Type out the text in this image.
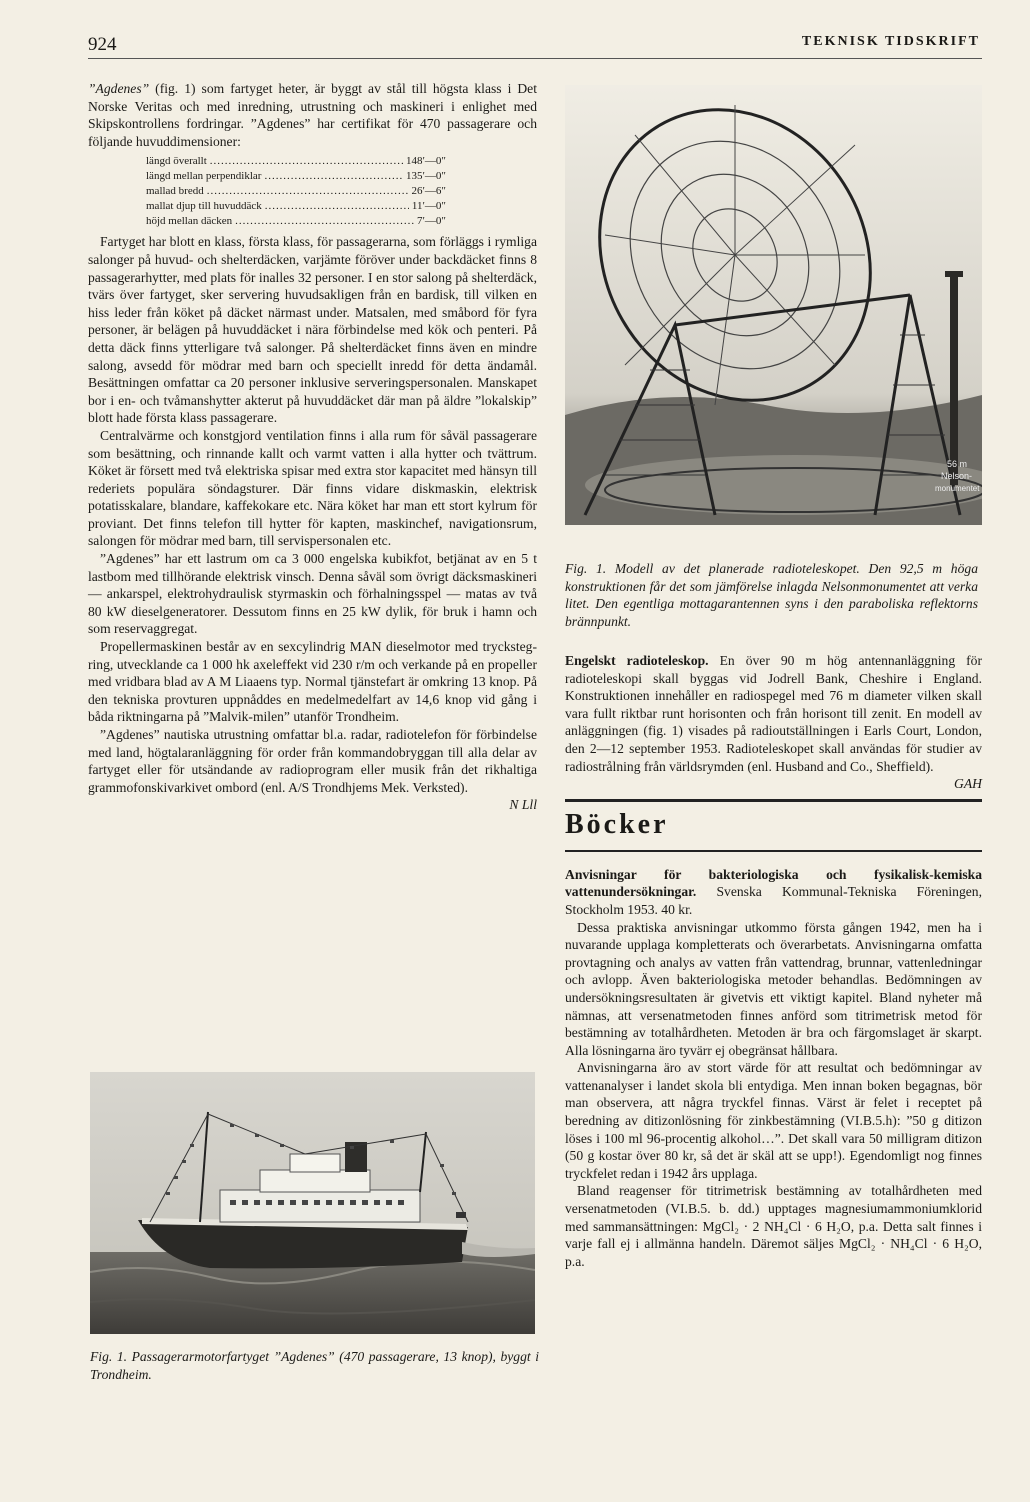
924	TEKNISK TIDSKRIFT

”Agdenes” (fig. 1) som fartyget heter, är byggt av stål till högsta klass i Det Norske Veritas och med inredning, utrustning och maskineri i enlighet med Skipskontrollens fordringar. ”Agdenes” har certifikat för 470 passagerare och följande huvuddimensioner:

längd överallt .....	148′—0″
längd mellan perpendiklar .....	135′—0″
mallad bredd .....	26′—6″
mallat djup till huvuddäck .....	11′—0″
höjd mellan däcken .....	7′—0″

Fartyget har blott en klass, första klass, för passagerarna, som förläggs i rymliga salonger på huvud- och shelterdäcken, varjämte föröver under backdäcket finns 8 passagerarhytter, med plats för inalles 32 personer. I en stor salong på shelterdäck, tvärs över fartyget, sker servering huvudsakligen från en bardisk, till vilken en hiss leder från köket på däcket närmast under. Matsalen, med småbord för fyra personer, är belägen på huvuddäcket i nära förbindelse med kök och penteri. På detta däck finns ytterligare två salonger. På shelterdäcket finns även en mindre salong, avsedd för mödrar med barn och speciellt inredd för detta ändamål. Besättningen omfattar ca 20 personer inklusive serveringspersonalen. Manskapet bor i en- och tvåmanshytter akterut på huvuddäcket där man på äldre ”lokalskip” blott hade första klass passagerare.

Centralvärme och konstgjord ventilation finns i alla rum för såväl passagerare som besättning, och rinnande kallt och varmt vatten i alla hytter och tvättrum. Köket är försett med två elektriska spisar med extra stor kapacitet med hänsyn till rederiets populära söndagsturer. Där finns vidare diskmaskin, elektrisk potatisskalare, blandare, kaffekokare etc. Nära köket har man ett stort kylrum för proviant. Det finns telefon till hytter för kapten, maskinchef, navigationsrum, salongen för mödrar med barn, till servispersonalen etc.

”Agdenes” har ett lastrum om ca 3 000 engelska kubikfot, betjänat av en 5 t lastbom med tillhörande elektrisk vinsch. Denna såväl som övrigt däcksmaskineri — ankarspel, elektrohydraulisk styrmaskin och förhalningsspel — matas av två 80 kW dieselgeneratorer. Dessutom finns en 25 kW dylik, för bruk i hamn och som reservaggregat.

Propellermaskinen består av en sexcylindrig MAN dieselmotor med tryckstegring, utvecklande ca 1 000 hk axeleffekt vid 230 r/m och verkande på en propeller med vridbara blad av A M Liaaens typ. Normal tjänstefart är omkring 13 knop. På den tekniska provturen uppnåddes en medelmedelfart av 14,6 knop vid gång i båda riktningarna på ”Malvik-milen” utanför Trondheim.

”Agdenes” nautiska utrustning omfattar bl.a. radar, radiotelefon för förbindelse med land, högtalaranläggning för order från kommandobryggan till alla delar av fartyget eller för utsändande av radioprogram eller musik från det rikhaltiga grammofonskivarkivet ombord (enl. A/S Trondhjems Mek. Verksted).

N Lll

Fig. 1. Passagerarmotorfartyget ”Agdenes” (470 passagerare, 13 knop), byggt i Trondheim.
56 m
Nelson-
monumentet
Fig. 1. Modell av det planerade radioteleskopet. Den 92,5 m höga konstruktionen får det som jämförelse inlagda Nelsonmonumentet att verka litet. Den egentliga mottagarantennen syns i den paraboliska reflektorns brännpunkt.

Engelskt radioteleskop. En över 90 m hög antennanläggning för radioteleskopi skall byggas vid Jodrell Bank, Cheshire i England. Konstruktionen innehåller en radiospegel med 76 m diameter vilken skall vara fullt riktbar runt horisonten och från horisont till zenit. En modell av anläggningen (fig. 1) visades på radioutställningen i Earls Court, London, den 2—12 september 1953. Radioteleskopet skall användas för studier av radiostrålning från världsrymden (enl. Husband and Co., Sheffield).

GAH

Böcker

Anvisningar för bakteriologiska och fysikalisk-kemiska vattenundersökningar. Svenska Kommunal-Tekniska Föreningen, Stockholm 1953. 40 kr.

Dessa praktiska anvisningar utkommo första gången 1942, men ha i nuvarande upplaga kompletterats och överarbetats. Anvisningarna omfatta provtagning och analys av vatten från vattendrag, brunnar, vattenledningar och avlopp. Även bakteriologiska metoder behandlas. Bedömningen av undersökningsresultaten är givetvis ett viktigt kapitel. Bland nyheter må nämnas, att versenatmetoden finnes anförd som titrimetrisk metod för bestämning av totalhårdheten. Metoden är bra och färgomslaget är skarpt. Alla lösningarna äro tyvärr ej obegränsat hållbara.

Anvisningarna äro av stort värde för att resultat och bedömningar av vattenanalyser i landet skola bli entydiga. Men innan boken begagnas, bör man observera, att några tryckfel finnas. Värst är felet i receptet på beredning av ditizonlösning för zinkbestämning (VI.B.5.h): ”50 g ditizon löses i 100 ml 96-procentig alkohol…”. Det skall vara 50 milligram ditizon (50 g kostar över 80 kr, så det är skäl att se upp!). Egendomligt nog finnes tryckfelet redan i 1942 års upplaga.

Bland reagenser för titrimetrisk bestämning av totalhårdheten med versenatmetoden (VI.B.5. b. dd.) upptages magnesiumammoniumklorid med sammansättningen: MgCl₂ · 2 NH₄Cl · 6 H₂O, p.a. Detta salt finnes i varje fall ej i allmänna handeln. Däremot säljes MgCl₂ · NH₄Cl · 6 H₂O, p.a.
